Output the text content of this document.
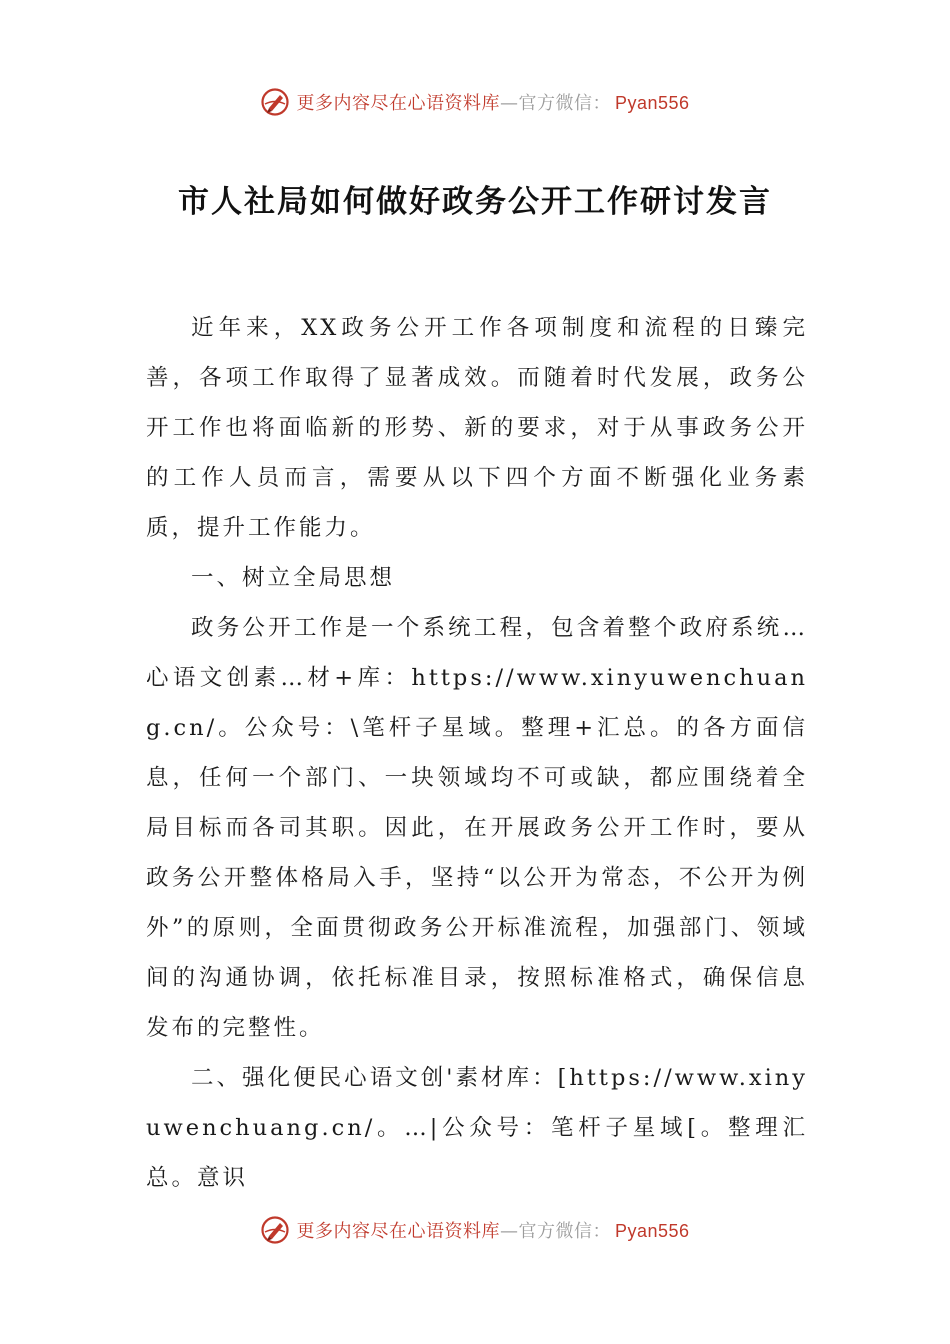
更多内容尽在心语资料库—官方微信： Pyan556
市人社局如何做好政务公开工作研讨发言

近年来，XX政务公开工作各项制度和流程的日臻完善，各项工作取得了显著成效。而随着时代发展，政务公开工作也将面临新的形势、新的要求，对于从事政务公开的工作人员而言，需要从以下四个方面不断强化业务素质，提升工作能力。

一、树立全局思想

政务公开工作是一个系统工程，包含着整个政府系统…心语文创素…材+库：https://www.xinyuwenchuang.cn/。公众号：\笔杆子星域。整理+汇总。的各方面信息，任何一个部门、一块领域均不可或缺，都应围绕着全局目标而各司其职。因此，在开展政务公开工作时，要从政务公开整体格局入手，坚持“以公开为常态，不公开为例外”的原则，全面贯彻政务公开标准流程，加强部门、领域间的沟通协调，依托标准目录，按照标准格式，确保信息发布的完整性。

二、强化便民心语文创'素材库：[https://www.xinyuwenchuang.cn/。…|公众号：笔杆子星域[。整理汇总。意识

更多内容尽在心语资料库—官方微信： Pyan556
